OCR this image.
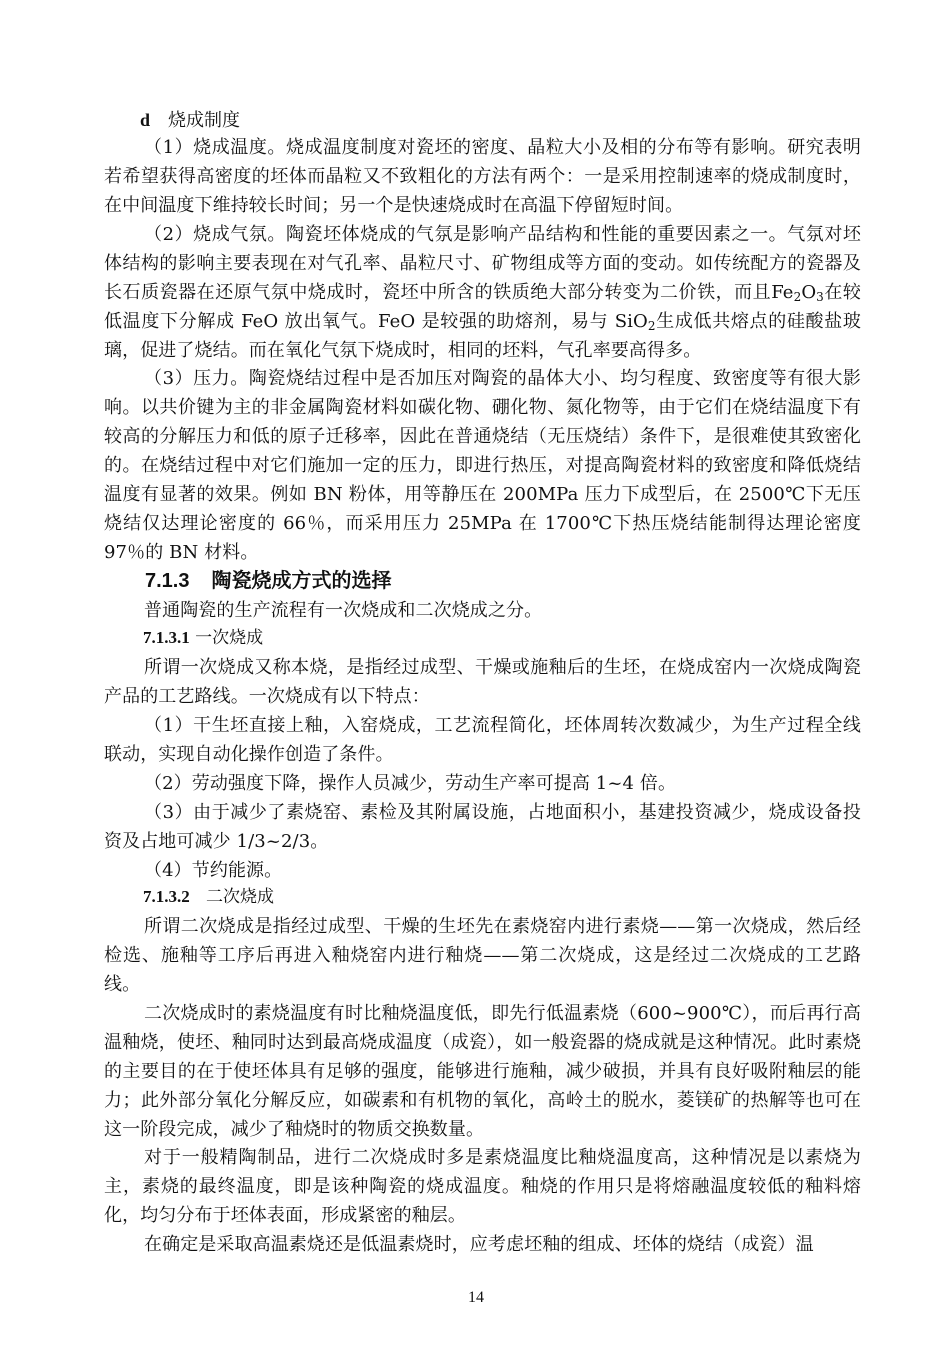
d 烧成制度

（1）烧成温度。烧成温度制度对瓷坯的密度、晶粒大小及相的分布等有影响。研究表明若希望获得高密度的坯体而晶粒又不致粗化的方法有两个：一是采用控制速率的烧成制度时，在中间温度下维持较长时间；另一个是快速烧成时在高温下停留短时间。

（2）烧成气氛。陶瓷坯体烧成的气氛是影响产品结构和性能的重要因素之一。气氛对坯体结构的影响主要表现在对气孔率、晶粒尺寸、矿物组成等方面的变动。如传统配方的瓷器及长石质瓷器在还原气氛中烧成时，瓷坯中所含的铁质绝大部分转变为二价铁，而且$Fe_2O_3$在较低温度下分解成 FeO 放出氧气。FeO 是较强的助熔剂，易与 SiO$_2$生成低共熔点的硅酸盐玻璃，促进了烧结。而在氧化气氛下烧成时，相同的坯料，气孔率要高得多。

（3）压力。陶瓷烧结过程中是否加压对陶瓷的晶体大小、均匀程度、致密度等有很大影响。以共价键为主的非金属陶瓷材料如碳化物、硼化物、氮化物等，由于它们在烧结温度下有较高的分解压力和低的原子迁移率，因此在普通烧结（无压烧结）条件下，是很难使其致密化的。在烧结过程中对它们施加一定的压力，即进行热压，对提高陶瓷材料的致密度和降低烧结温度有显著的效果。例如 BN 粉体，用等静压在 200MPa 压力下成型后，在 2500℃下无压烧结仅达理论密度的 66％，而采用压力 25MPa 在 1700℃下热压烧结能制得达理论密度 97％的 BN 材料。

7.1.3 陶瓷烧成方式的选择

普通陶瓷的生产流程有一次烧成和二次烧成之分。

7.1.3.1 一次烧成

所谓一次烧成又称本烧，是指经过成型、干燥或施釉后的生坯，在烧成窑内一次烧成陶瓷产品的工艺路线。一次烧成有以下特点：

（1）干生坯直接上釉，入窑烧成，工艺流程简化，坯体周转次数减少，为生产过程全线联动，实现自动化操作创造了条件。

（2）劳动强度下降，操作人员减少，劳动生产率可提高 1~4 倍。

（3）由于减少了素烧窑、素检及其附属设施，占地面积小，基建投资减少，烧成设备投资及占地可减少 1/3~2/3。

（4）节约能源。

7.1.3.2 二次烧成

所谓二次烧成是指经过成型、干燥的生坯先在素烧窑内进行素烧——第一次烧成，然后经检选、施釉等工序后再进入釉烧窑内进行釉烧——第二次烧成，这是经过二次烧成的工艺路线。

二次烧成时的素烧温度有时比釉烧温度低，即先行低温素烧（600~900℃），而后再行高温釉烧，使坯、釉同时达到最高烧成温度（成瓷），如一般瓷器的烧成就是这种情况。此时素烧的主要目的在于使坯体具有足够的强度，能够进行施釉，减少破损，并具有良好吸附釉层的能力；此外部分氧化分解反应，如碳素和有机物的氧化，高岭土的脱水，菱镁矿的热解等也可在这一阶段完成，减少了釉烧时的物质交换数量。

对于一般精陶制品，进行二次烧成时多是素烧温度比釉烧温度高，这种情况是以素烧为主，素烧的最终温度，即是该种陶瓷的烧成温度。釉烧的作用只是将熔融温度较低的釉料熔化，均匀分布于坯体表面，形成紧密的釉层。

在确定是采取高温素烧还是低温素烧时，应考虑坯釉的组成、坯体的烧结（成瓷）温

14
